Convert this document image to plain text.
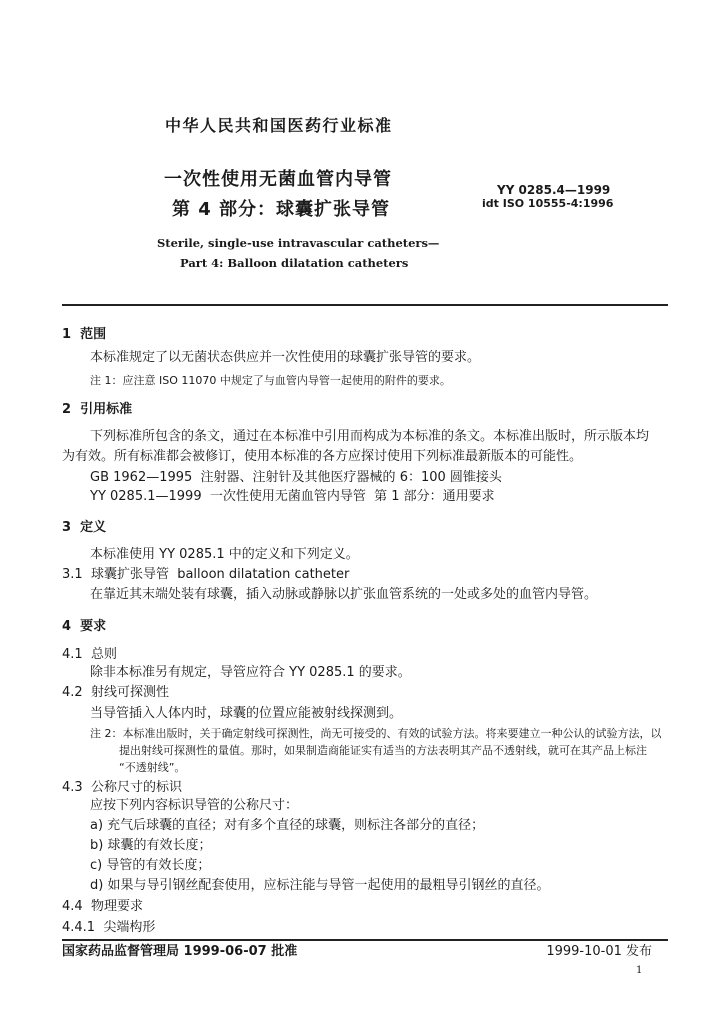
中华人民共和国医药行业标准
一次性使用无菌血管内导管
第 4 部分：球囊扩张导管
YY 0285.4—1999
idt ISO 10555-4:1996
Sterile, single-use intravascular catheters—
Part 4: Balloon dilatation catheters
1  范围
本标准规定了以无菌状态供应并一次性使用的球囊扩张导管的要求。
注 1：应注意 ISO 11070 中规定了与血管内导管一起使用的附件的要求。
2  引用标准
下列标准所包含的条文，通过在本标准中引用而构成为本标准的条文。本标准出版时，所示版本均
为有效。所有标准都会被修订，使用本标准的各方应探讨使用下列标准最新版本的可能性。
GB 1962—1995  注射器、注射针及其他医疗器械的 6：100 圆锥接头
YY 0285.1—1999  一次性使用无菌血管内导管  第 1 部分：通用要求
3  定义
本标准使用 YY 0285.1 中的定义和下列定义。
3.1  球囊扩张导管  balloon dilatation catheter
在靠近其末端处装有球囊，插入动脉或静脉以扩张血管系统的一处或多处的血管内导管。
4  要求
4.1  总则
除非本标准另有规定，导管应符合 YY 0285.1 的要求。
4.2  射线可探测性
当导管插入人体内时，球囊的位置应能被射线探测到。
注 2：本标准出版时，关于确定射线可探测性，尚无可接受的、有效的试验方法。将来要建立一种公认的试验方法，以
提出射线可探测性的量值。那时，如果制造商能证实有适当的方法表明其产品不透射线，就可在其产品上标注
“不透射线”。
4.3  公称尺寸的标识
应按下列内容标识导管的公称尺寸：
a) 充气后球囊的直径；对有多个直径的球囊，则标注各部分的直径；
b) 球囊的有效长度；
c) 导管的有效长度；
d) 如果与导引钢丝配套使用，应标注能与导管一起使用的最粗导引钢丝的直径。
4.4  物理要求
4.4.1  尖端构形
国家药品监督管理局 1999-06-07 批准	1999-10-01 发布
1
